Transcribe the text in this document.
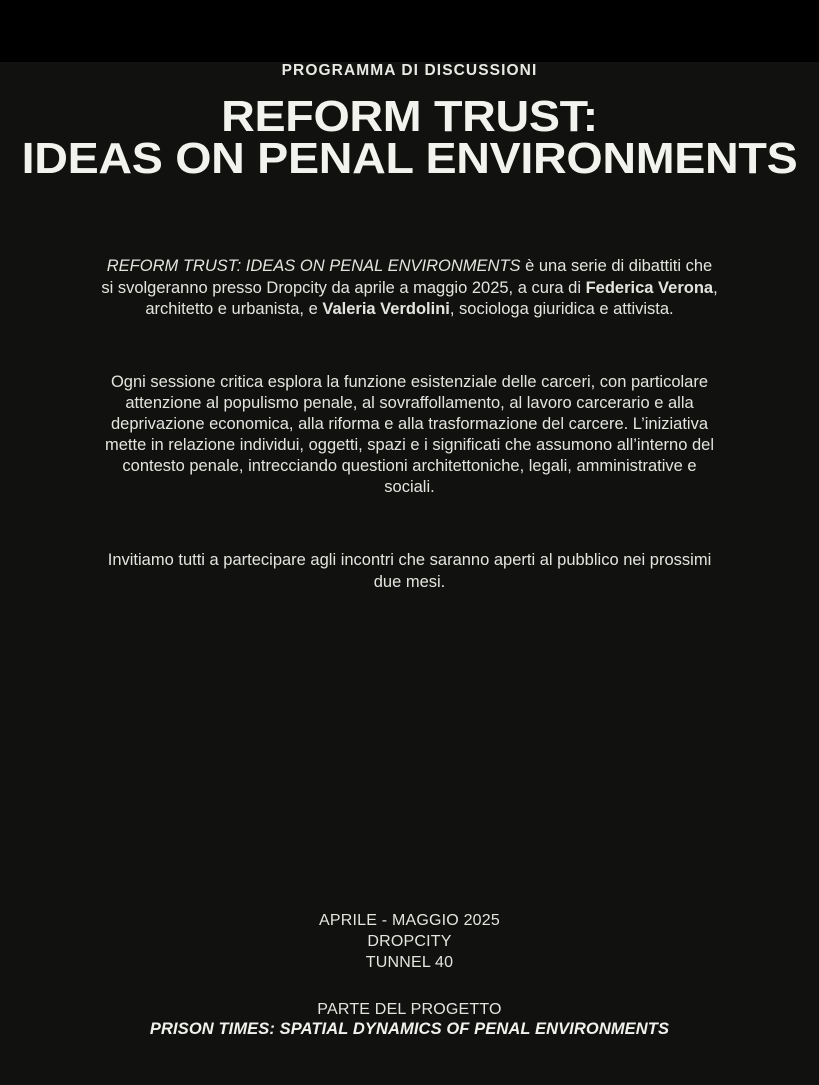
PROGRAMMA DI DISCUSSIONI
REFORM TRUST:
IDEAS ON PENAL ENVIRONMENTS

REFORM TRUST: IDEAS ON PENAL ENVIRONMENTS è una serie di dibattiti che si svolgeranno presso Dropcity da aprile a maggio 2025, a cura di Federica Verona, architetto e urbanista, e Valeria Verdolini, sociologa giuridica e attivista.

Ogni sessione critica esplora la funzione esistenziale delle carceri, con particolare attenzione al populismo penale, al sovraffollamento, al lavoro carcerario e alla deprivazione economica, alla riforma e alla trasformazione del carcere. L’iniziativa mette in relazione individui, oggetti, spazi e i significati che assumono all’interno del contesto penale, intrecciando questioni architettoniche, legali, amministrative e sociali.

Invitiamo tutti a partecipare agli incontri che saranno aperti al pubblico nei prossimi due mesi.

APRILE - MAGGIO 2025
DROPCITY
TUNNEL 40
PARTE DEL PROGETTO
PRISON TIMES: SPATIAL DYNAMICS OF PENAL ENVIRONMENTS
